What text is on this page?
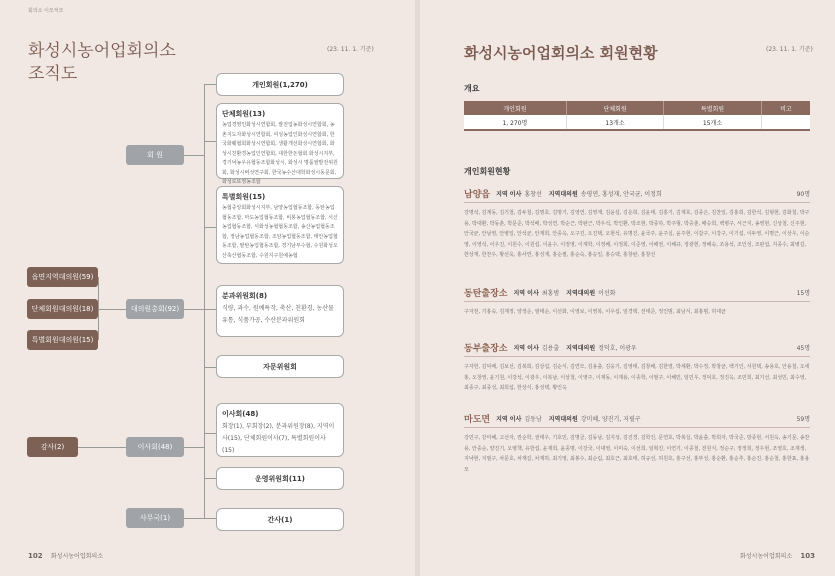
회의소 이모저모
화성시농어업회의소
조직도
(23. 11. 1. 기준)
회 원
대의원총회(92)
이사회(48)
사무국(1)
읍면지역대의원(59)
단체회원대의원(18)
특별회원대의원(15)
감사(2)
개인회원(1,270)
단체회원(13)
농업경영인화성시연합회, 쌀전업농화성시연합회, 농촌지도자화성시연합회, 여성농업인화성시연합회, 한국화훼협회화성시연합회, 생활개선화성시연합회, 화성시친환경농업인연합회, 대한한돈협회 화성시지부, 경기낙농우유협동조합화성시, 화성시 명품쌀발전위원회, 화성시버섯연구회, 한국농수산대학화성시동문회, 화성로또영농조합
특별회원(15)
농협중앙회화성시지부, 남양농업협동조합, 동탄농업협동조합, 마도농업협동조합, 비봉농업협동조합, 서신농업협동조합, 서화성농협협동조합, 송산농업협동조합, 정남농업협동조합, 조암농업협동조합, 태안농업협동조합, 팔탄농업협동조합, 경기남부수협, 수원화성오산축산협동조합, 수원지구원예농협
분과위원회(8)
식량, 과수, 원예특작, 축산, 친환경, 농산물유통, 식품가공, 수산분과위원회
자문위원회
이사회(48)
회장(1), 부회장(2), 분과위원장(8), 지역이사(15), 단체회원이사(7), 특별회원이사(15)
운영위원회(11)
간사(1)
102 화성시농어업회의소
화성시농어업회의소 회원현황	(23. 11. 1. 기준)
개요
개인회원	단체회원	특별회원	비고
1, 270명	13개소	15개소	
개인회원현황
남양읍 지역 이사 홍창선 지역대의원 송평연, 홍성재, 안국균, 이정희	90명
강명석, 김계동, 김기철, 김두철, 김명호, 김명기, 김영연, 김영재, 김윤섭, 김운희, 김윤태, 김홍기, 김재호, 김종은, 김찬일, 김홍희, 김한석, 김형현, 김화철, 박구용, 박대환, 박동춘, 박문준, 박석배, 박성연, 박순근, 박완근, 박우석, 박인환, 박조현, 박종하, 박주형, 박중춘, 배승희, 백병구, 서근지, 송영현, 신상철, 신주현, 안국균, 안남영, 안병일, 안석균, 안재희, 안종옥, 오구진, 오진택, 오현석, 유명진, 윤국주, 윤주실, 윤주현, 이갑구, 이강구, 이기섭, 이두영, 이명근, 이상우, 이순영, 이영석, 이우진, 이원수, 이원섭, 이윤수, 이정영, 이재학, 이정배, 이정희, 이준영, 이해권, 이해규, 정광현, 정해숙, 조용석, 조인성, 조판섭, 지종수, 최병길, 한상재, 한찬우, 황선욱, 홍사연, 홍성재, 홍순필, 홍순숙, 홍승일, 홍승택, 홍창완, 홍창선
동탄출장소 지역 이사 최홍범 지역대의원 이선화	15명
구자천, 기홍숙, 김재정, 양정순, 염태순, 이선화, 이영보, 이영복, 이우섭, 임경택, 전태준, 정인범, 최남식, 최홍범, 허대균
동부출장소 지역 이사 김용출 지역대의원 정덕호, 이광우	45명
구자헌, 김덕배, 김보선, 김복희, 김상섭, 김순식, 김연모, 김용출, 김웅기, 김영태, 김창배, 김한열, 박세환, 박수정, 박창균, 백기인, 서원택, 송용호, 안용철, 오세홍, 오창영, 윤기원, 이강석, 이광우, 이복남, 이상철, 이영주, 이재동, 이재용, 이종학, 이필구, 이해민, 임민우, 정덕호, 정진옥, 조민희, 최기선, 최성민, 최수영, 최종구, 최종성, 최희섭, 한상식, 홍성택, 황인옥
마도면 지역 이사 김동남 지역대의원 강미혜, 양진기, 지필구	59명
강민구, 강미혜, 고선자, 권순학, 권태우, 기호민, 김명금, 김동남, 김지성, 김진경, 김학진, 문연호, 박복실, 박윤출, 박희자, 박국준, 방종현, 서원옥, 송기문, 송찬용, 안종순, 양진기, 오병책, 유한섭, 윤재희, 윤종명, 이강국, 이대영, 이미숙, 이선희, 임혁진, 이연기, 이종철, 전원식, 정순구, 정정희, 정우현, 조영호, 조재생, 지낙현, 지필구, 차문호, 차재길, 차재하, 최기영, 최봉수, 최순림, 최호근, 최호태, 허규선, 허원호, 홍구선, 홍부성, 홍순환, 홍순추, 홍순진, 홍순철, 홍한표, 홍용모
화성시농어업회의소 103
